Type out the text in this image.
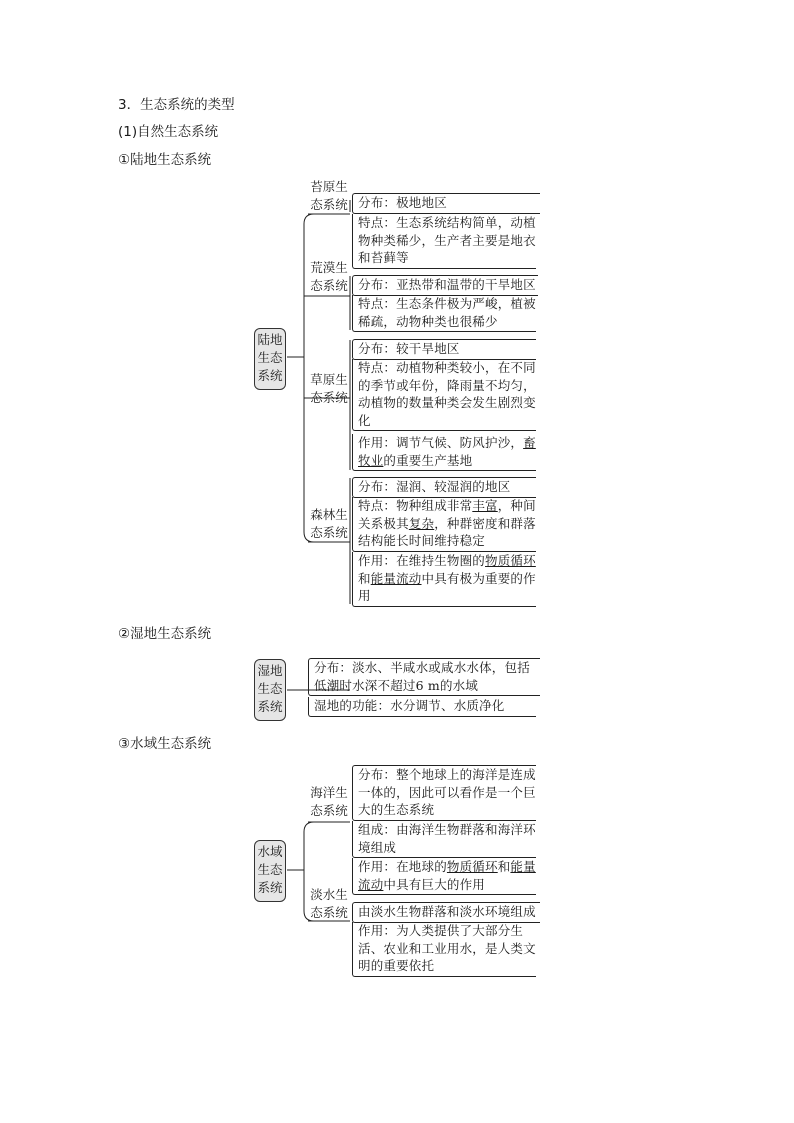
3．生态系统的类型
(1)自然生态系统
①陆地生态系统
②湿地生态系统
③水域生态系统
陆地
生态
系统
苔原生
态系统 分布：极地地区
特点：生态系统结构简单，动植物种类稀少，生产者主要是地衣和苔藓等
荒漠生
态系统 分布：亚热带和温带的干旱地区
特点：生态条件极为严峻，植被稀疏，动物种类也很稀少
草原生
态系统
分布：较干旱地区
特点：动植物种类较小，在不同的季节或年份，降雨量不均匀，动植物的数量种类会发生剧烈变化
作用：调节气候、防风护沙，畜牧业的重要生产基地
森林生
态系统
分布：湿润、较湿润的地区
特点：物种组成非常丰富，种间关系极其复杂，种群密度和群落结构能长时间维持稳定
作用：在维持生物圈的物质循环和能量流动中具有极为重要的作用
湿地
生态
系统
分布：淡水、半咸水或咸水水体，包括低潮时水深不超过6 m的水域
湿地的功能：水分调节、水质净化
水域
生态
系统
海洋生
态系统
分布：整个地球上的海洋是连成一体的，因此可以看作是一个巨大的生态系统
组成：由海洋生物群落和海洋环境组成
作用：在地球的物质循环和能量流动中具有巨大的作用
淡水生
态系统 由淡水生物群落和淡水环境组成
作用：为人类提供了大部分生活、农业和工业用水，是人类文明的重要依托
